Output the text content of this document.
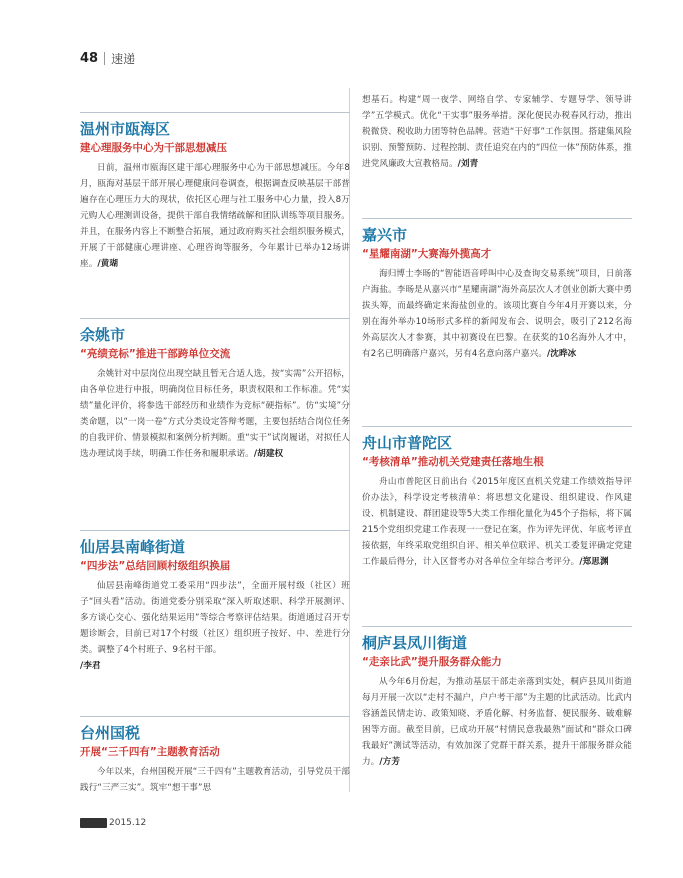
48 速递
温州市瓯海区
建心理服务中心为干部思想减压

日前，温州市瓯海区建干部心理服务中心为干部思想减压。今年8月，瓯海对基层干部开展心理健康问卷调查，根据调查反映基层干部普遍存在心理压力大的现状，依托区心理与社工服务中心力量，投入8万元购人心理测训设备，提供干部自我情绪疏解和团队训练等项目服务。并且，在服务内容上不断整合拓展，通过政府购买社会组织服务模式，开展了干部健康心理讲座、心理咨询等服务，今年累计已举办12场讲座。/黄瑚

余姚市
“亮绩竞标”推进干部跨单位交流

余姚针对中层岗位出现空缺且暂无合适人选，按“实需”公开招标，由各单位进行申报，明确岗位目标任务，职责权限和工作标准。凭“实绩”量化评价，将参选干部经历和业绩作为竞标“硬指标”。仿“实境”分类命题，以“一岗一卷”方式分类设定答辩考题，主要包括结合岗位任务的自我评价、情景模拟和案例分析判断。重“实干”试岗履诺，对拟任人选办理试岗手续，明确工作任务和履职承诺。/胡建权

仙居县南峰街道
“四步法”总结回顾村级组织换届

仙居县南峰街道党工委采用“四步法”，全面开展村级（社区）班子“回头看”活动。街道党委分别采取“深入听取述职、科学开展测评、多方谈心交心、强化结果运用”等综合考察评估结果。街道通过召开专题诊断会，目前已对17个村级（社区）组织班子按好、中、差进行分类。调整了4个村班子、9名村干部。

/李君

台州国税
开展“三千四有”主题教育活动

今年以来，台州国税开展“三千四有”主题教育活动，引导党员干部践行“三严三实”。筑牢“想干事”思

想基石。构建“周一夜学、网络自学、专家辅学、专题导学、领导讲学”五学模式。优化“干实事”服务举措。深化便民办税春风行动，推出税微贷、税收助力团等特色品牌。营造“干好事”工作氛围。搭建集风险识别、预警预防、过程控制、责任追究在内的“四位一体”预防体系，推进党风廉政大宣教格局。/刘青

嘉兴市
“星耀南湖”大赛海外揽高才

海归博士李旸的“智能语音呼叫中心及查询交易系统”项目，日前落户海盐。李旸是从嘉兴市“星耀南湖”海外高层次人才创业创新大赛中勇拔头筹，而最终确定来海盐创业的。该项比赛自今年4月开赛以来，分别在海外举办10场形式多样的新闻发布会、说明会，吸引了212名海外高层次人才参赛，其中初赛设在巴黎。在获奖的10名海外人才中，有2名已明确落户嘉兴，另有4名意向落户嘉兴。/沈晔冰

舟山市普陀区
“考核清单”推动机关党建责任落地生根

舟山市普陀区日前出台《2015年度区直机关党建工作绩效指导评价办法》，科学设定考核清单：将思想文化建设、组织建设、作风建设、机制建设、群团建设等5大类工作细化量化为45个子指标，将下属215个党组织党建工作表现一一登记在案，作为评先评优、年底考评直接依据，年终采取党组织自评、相关单位联评、机关工委复评确定党建工作最后得分，计入区督考办对各单位全年综合考评分。/郑思渊

桐庐县凤川街道
“走亲比武”提升服务群众能力

从今年6月份起，为推动基层干部走亲落到实处，桐庐县凤川街道每月开展一次以“走村不漏户，户户考干部”为主题的比武活动。比武内容涵盖民情走访、政策知晓、矛盾化解、村务监督、便民服务、破难解困等方面。截至目前，已成功开展“村情民意我最熟”面试和“群众口碑我最好”测试等活动，有效加深了党群干群关系，提升干部服务群众能力。/方芳

2015.12
